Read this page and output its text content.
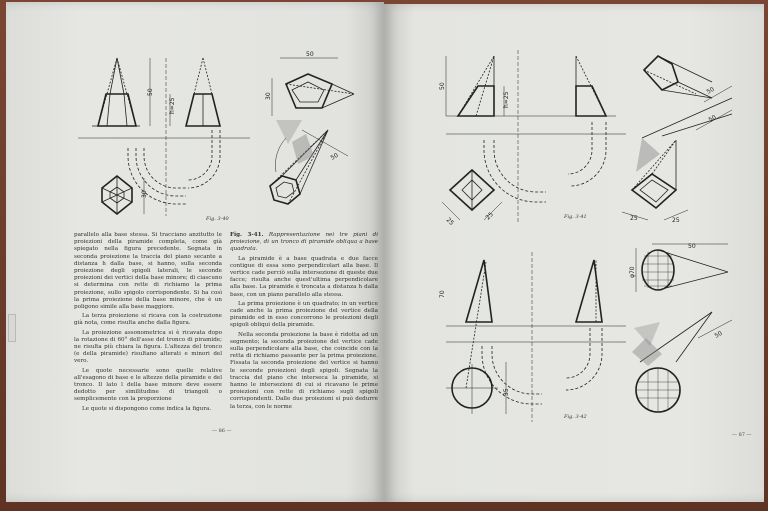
50
h=25
30
50
30
50
Fig. 3-40

parallelo alla base stessa. Si tracciano anzitutto le proiezioni della piramide completa, come già spiegato nella figura precedente. Segnata in seconda proiezione la traccia del piano secante a distanza h dalla base, si hanno, sulla seconda proiezione degli spigoli laterali, le seconde proiezioni dei vertici della base minore; di ciascuno si determina con rette di richiamo la prima proiezione, sullo spigolo corrispondente. Si ha così la prima proiezione della base minore, che è un poligono simile alla base maggiore.

La terza proiezione si ricava con la costruzione già nota, come risulta anche dalla figura.

La proiezione assonometrica si è ricavata dopo la rotazione di 60° dell'asse del tronco di piramide; ne risulta più chiara la figura. L'altezza del tronco (e della piramide) risultano alterati e minori del vero.

Le quote necessarie sono quelle relative all'esagono di base e le altezze della piramide e del tronco. Il lato l della base minore deve essere dedotto per similitudine di triangoli o semplicemente con la proporzione

Le quote si dispongono come indica la figura.

Fig. 3-41. Rappresentazione nei tre piani di proiezione, di un tronco di piramide obliqua a base quadrata.

La piramide è a base quadrata e due facce contigue di essa sono perpendicolari alla base. Il vertice cade perciò sulla intersezione di queste due facce; risulta anche quest'ultima perpendicolare alla base. La piramide è troncata a distanza h dalla base, con un piano parallelo alla stessa.

La prima proiezione è un quadrato; in un vertice cade anche la prima proiezione del vertice della piramide ed in esso concorrono le proiezioni degli spigoli obliqui della piramide.

Nella seconda proiezione la base è ridotta ad un segmento; la seconda proiezione del vertice cade sulla perpendicolare alla base, che coincide con la retta di richiamo passante per la prima proiezione. Fissata la seconda proiezione del vertice si hanno le seconde proiezioni degli spigoli. Segnata la traccia del piano che interseca la piramide, si hanno le intersezioni di cui si ricavano le prime proiezioni con rette di richiamo sugli spigoli corrispondenti. Dalle due proiezioni si può dedurre la terza, con le norme

— 86 —
50
h=25
25
25
50
50
25	25
Fig. 3-41
70
35
50
φ70
50
Fig. 3-42
— 87 —
